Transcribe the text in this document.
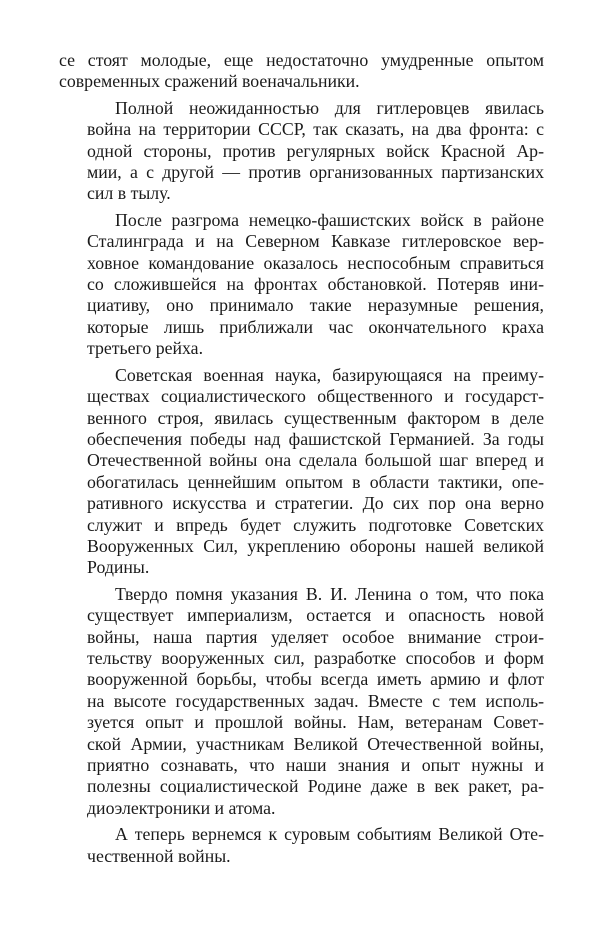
се стоят молодые, еще недостаточно умудренные опытом
современных сражений военачальники.

Полной неожиданностью для гитлеровцев явилась
война на территории СССР, так сказать, на два фронта: с
одной стороны, против регулярных войск Красной Ар-
мии, а с другой — против организованных партизанских
сил в тылу.

После разгрома немецко-фашистских войск в районе
Сталинграда и на Северном Кавказе гитлеровское вер-
ховное командование оказалось неспособным справиться
со сложившейся на фронтах обстановкой. Потеряв ини-
циативу, оно принимало такие неразумные решения,
которые лишь приближали час окончательного краха
третьего рейха.

Советская военная наука, базирующаяся на преиму-
ществах социалистического общественного и государст-
венного строя, явилась существенным фактором в деле
обеспечения победы над фашистской Германией. За годы
Отечественной войны она сделала большой шаг вперед и
обогатилась ценнейшим опытом в области тактики, опе-
ративного искусства и стратегии. До сих пор она верно
служит и впредь будет служить подготовке Советских
Вооруженных Сил, укреплению обороны нашей великой
Родины.

Твердо помня указания В. И. Ленина о том, что пока
существует империализм, остается и опасность новой
войны, наша партия уделяет особое внимание строи-
тельству вооруженных сил, разработке способов и форм
вооруженной борьбы, чтобы всегда иметь армию и флот
на высоте государственных задач. Вместе с тем исполь-
зуется опыт и прошлой войны. Нам, ветеранам Совет-
ской Армии, участникам Великой Отечественной войны,
приятно сознавать, что наши знания и опыт нужны и
полезны социалистической Родине даже в век ракет, ра-
диоэлектроники и атома.

А теперь вернемся к суровым событиям Великой Оте-
чественной войны.
